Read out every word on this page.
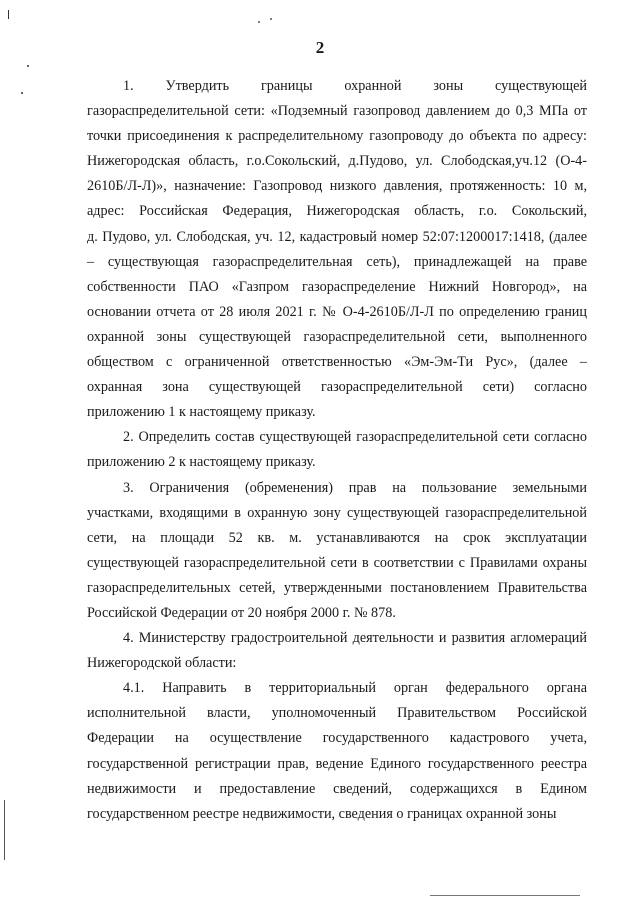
2
1.     Утвердить     границы     охранной     зоны     существующей
газораспределительной сети: «Подземный газопровод давлением до 0,3 МПа от
точки присоединения к распределительному газопроводу до объекта по адресу:
Нижегородская область, г.о.Сокольский, д.Пудово, ул. Слободская,уч.12 (О-4-
2610Б/Л-Л)», назначение: Газопровод низкого давления, протяженность: 10 м,
адрес: Российская Федерация, Нижегородская область, г.о. Сокольский,
д. Пудово, ул. Слободская, уч. 12, кадастровый номер 52:07:1200017:1418, (далее
– существующая газораспределительная сеть), принадлежащей на праве
собственности ПАО «Газпром газораспределение Нижний Новгород», на
основании отчета от 28 июля 2021 г. № О-4-2610Б/Л-Л по определению границ
охранной зоны существующей газораспределительной сети, выполненного
обществом с ограниченной ответственностью «Эм-Эм-Ти Рус», (далее –
охранная зона существующей газораспределительной сети) согласно
приложению 1 к настоящему приказу.
2. Определить состав существующей газораспределительной сети согласно
приложению 2 к настоящему приказу.
3. Ограничения (обременения) прав на пользование земельными
участками, входящими в охранную зону существующей газораспределительной
сети, на площади 52 кв. м. устанавливаются на срок эксплуатации
существующей газораспределительной сети в соответствии с Правилами охраны
газораспределительных сетей, утвержденными постановлением Правительства
Российской Федерации от 20 ноября 2000 г. № 878.
4. Министерству градостроительной деятельности и развития агломераций
Нижегородской области:
4.1. Направить в территориальный орган федерального органа
исполнительной власти, уполномоченный Правительством Российской
Федерации на осуществление государственного кадастрового учета,
государственной регистрации прав, ведение Единого государственного реестра
недвижимости и предоставление сведений, содержащихся в Едином
государственном реестре недвижимости, сведения о границах охранной зоны
